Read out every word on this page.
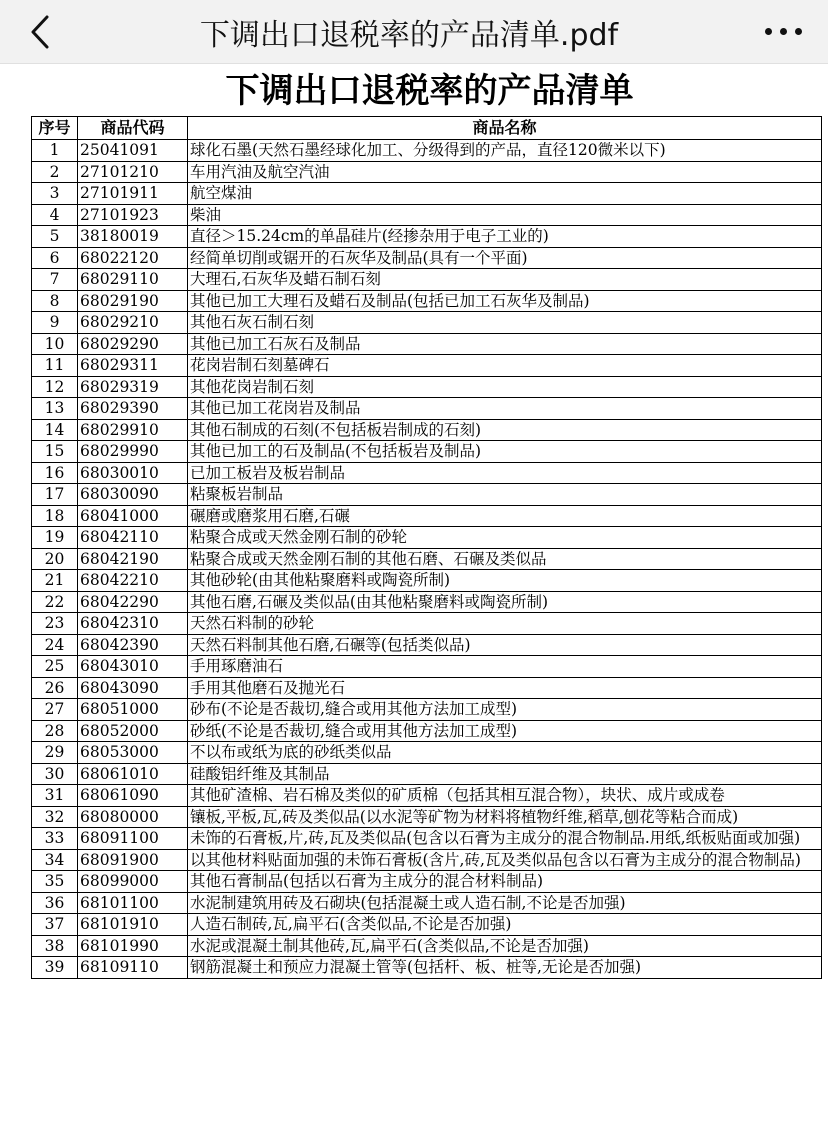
下调出口退税率的产品清单.pdf
下调出口退税率的产品清单
序号	商品代码	商品名称
1	25041091	球化石墨(天然石墨经球化加工、分级得到的产品，直径120微米以下)
2	27101210	车用汽油及航空汽油
3	27101911	航空煤油
4	27101923	柴油
5	38180019	直径＞15.24cm的单晶硅片(经掺杂用于电子工业的)
6	68022120	经简单切削或锯开的石灰华及制品(具有一个平面)
7	68029110	大理石,石灰华及蜡石制石刻
8	68029190	其他已加工大理石及蜡石及制品(包括已加工石灰华及制品)
9	68029210	其他石灰石制石刻
10	68029290	其他已加工石灰石及制品
11	68029311	花岗岩制石刻墓碑石
12	68029319	其他花岗岩制石刻
13	68029390	其他已加工花岗岩及制品
14	68029910	其他石制成的石刻(不包括板岩制成的石刻)
15	68029990	其他已加工的石及制品(不包括板岩及制品)
16	68030010	已加工板岩及板岩制品
17	68030090	粘聚板岩制品
18	68041000	碾磨或磨浆用石磨,石碾
19	68042110	粘聚合成或天然金刚石制的砂轮
20	68042190	粘聚合成或天然金刚石制的其他石磨、石碾及类似品
21	68042210	其他砂轮(由其他粘聚磨料或陶瓷所制)
22	68042290	其他石磨,石碾及类似品(由其他粘聚磨料或陶瓷所制)
23	68042310	天然石料制的砂轮
24	68042390	天然石料制其他石磨,石碾等(包括类似品)
25	68043010	手用琢磨油石
26	68043090	手用其他磨石及抛光石
27	68051000	砂布(不论是否裁切,缝合或用其他方法加工成型)
28	68052000	砂纸(不论是否裁切,缝合或用其他方法加工成型)
29	68053000	不以布或纸为底的砂纸类似品
30	68061010	硅酸铝纤维及其制品
31	68061090	其他矿渣棉、岩石棉及类似的矿质棉（包括其相互混合物），块状、成片或成卷
32	68080000	镶板,平板,瓦,砖及类似品(以水泥等矿物为材料将植物纤维,稻草,刨花等粘合而成)
33	68091100	未饰的石膏板,片,砖,瓦及类似品(包含以石膏为主成分的混合物制品.用纸,纸板贴面或加强)
34	68091900	以其他材料贴面加强的未饰石膏板(含片,砖,瓦及类似品包含以石膏为主成分的混合物制品)
35	68099000	其他石膏制品(包括以石膏为主成分的混合材料制品)
36	68101100	水泥制建筑用砖及石砌块(包括混凝土或人造石制,不论是否加强)
37	68101910	人造石制砖,瓦,扁平石(含类似品,不论是否加强)
38	68101990	水泥或混凝土制其他砖,瓦,扁平石(含类似品,不论是否加强)
39	68109110	钢筋混凝土和预应力混凝土管等(包括杆、板、桩等,无论是否加强)
